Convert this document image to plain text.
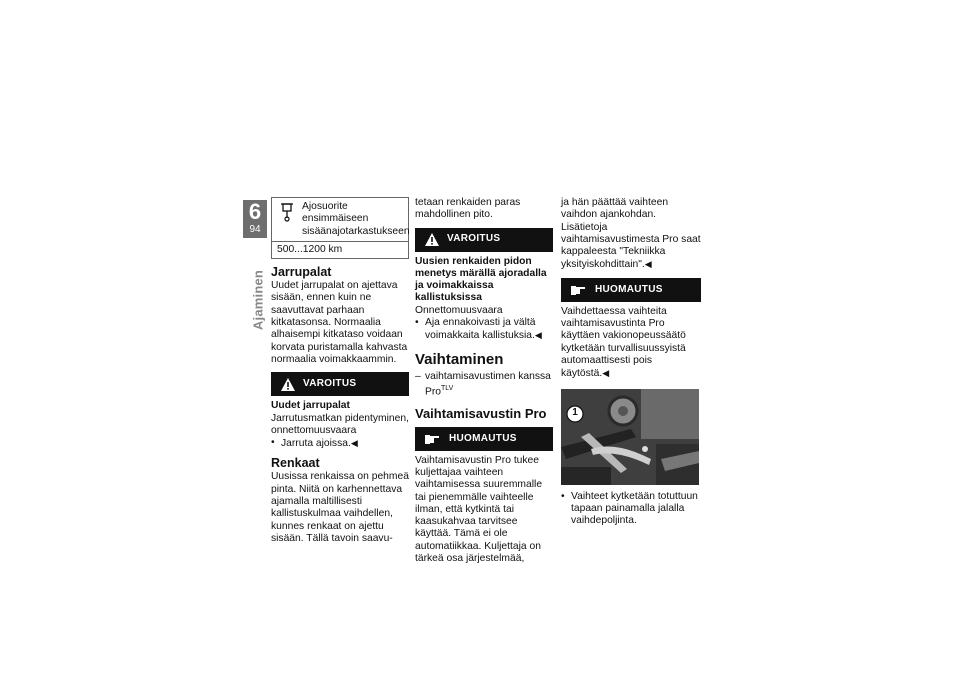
6
94
Ajaminen
Ajosuorite ensimmäiseen sisäänajotarkastukseen
500...1200 km
Jarrupalat

Uudet jarrupalat on ajettava sisään, ennen kuin ne saavuttavat parhaan kitkatasonsa. Normaalia alhaisempi kitkataso voidaan korvata puristamalla kahvasta normaalia voimakkaammin.

VAROITUS

Uudet jarrupalat

Jarrutusmatkan pidentyminen, onnettomuusvaara

• Jarruta ajoissa.◀
Renkaat

Uusissa renkaissa on pehmeä pinta. Niitä on karhennettava ajamalla maltillisesti kallistuskulmaa vaihdellen, kunnes renkaat on ajettu sisään. Tällä tavoin saavu-

tetaan renkaiden paras mahdollinen pito.

VAROITUS

Uusien renkaiden pidon menetys märällä ajoradalla ja voimakkaissa kallistuksissa

Onnettomuusvaara

• Aja ennakoivasti ja vältä voimakkaita kallistuksia.◀
Vaihtaminen
– vaihtamisavustimen kanssa Pro$^{TLV}$
Vaihtamisavustin Pro
HUOMAUTUS

Vaihtamisavustin Pro tukee kuljettajaa vaihteen vaihtamisessa suuremmalle tai pienemmälle vaihteelle ilman, että kytkintä tai kaasukahvaa tarvitsee käyttää. Tämä ei ole automatiikkaa. Kuljettaja on tärkeä osa järjestelmää,

ja hän päättää vaihteen vaihdon ajankohdan.

Lisätietoja vaihtamisavustimesta Pro saat kappaleesta "Tekniikka yksityiskohdittain".◀

HUOMAUTUS

Vaihdettaessa vaihteita vaihtamisavustinta Pro käyttäen vakionopeussäätö kytketään turvallisuussyistä automaattisesti pois käytöstä.◀

1
• Vaihteet kytketään totuttuun tapaan painamalla jalalla vaihdepoljinta.
